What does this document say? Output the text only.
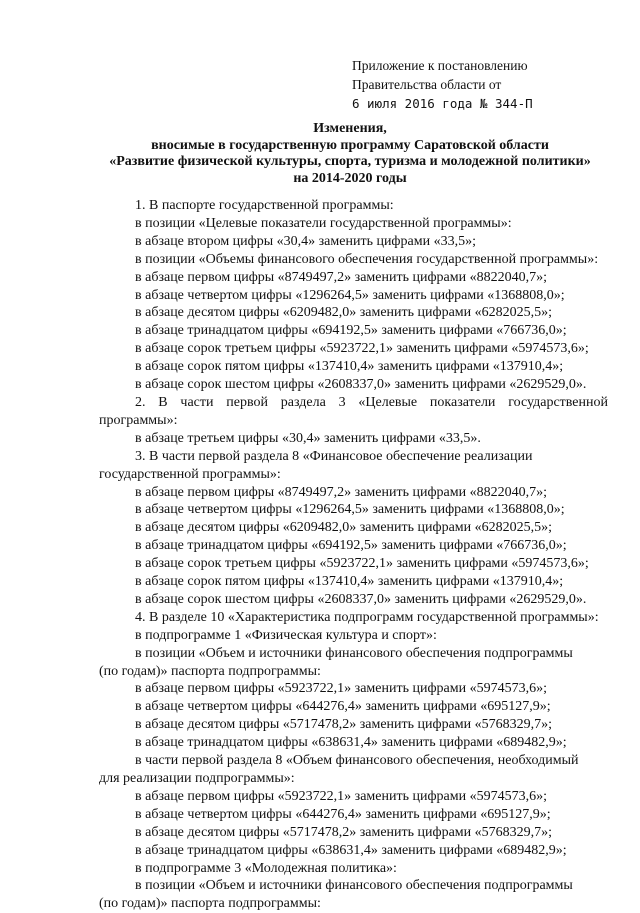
Приложение к постановлению
Правительства области от
6 июля 2016 года № 344-П
Изменения,
вносимые в государственную программу Саратовской области
«Развитие физической культуры, спорта, туризма и молодежной политики»
на 2014-2020 годы
1. В паспорте государственной программы:
в позиции «Целевые показатели государственной программы»:
в абзаце втором цифры «30,4» заменить цифрами «33,5»;
в позиции «Объемы финансового обеспечения государственной программы»:
в абзаце первом цифры «8749497,2» заменить цифрами «8822040,7»;
в абзаце четвертом цифры «1296264,5» заменить цифрами «1368808,0»;
в абзаце десятом цифры «6209482,0» заменить цифрами «6282025,5»;
в абзаце тринадцатом цифры «694192,5» заменить цифрами «766736,0»;
в абзаце сорок третьем цифры «5923722,1» заменить цифрами «5974573,6»;
в абзаце сорок пятом цифры «137410,4» заменить цифрами «137910,4»;
в абзаце сорок шестом цифры «2608337,0» заменить цифрами «2629529,0».
2. В части первой раздела 3 «Целевые показатели государственной программы»:
в абзаце третьем цифры «30,4» заменить цифрами «33,5».
3. В части первой раздела 8 «Финансовое обеспечение реализации
государственной программы»:
в абзаце первом цифры «8749497,2» заменить цифрами «8822040,7»;
в абзаце четвертом цифры «1296264,5» заменить цифрами «1368808,0»;
в абзаце десятом цифры «6209482,0» заменить цифрами «6282025,5»;
в абзаце тринадцатом цифры «694192,5» заменить цифрами «766736,0»;
в абзаце сорок третьем цифры «5923722,1» заменить цифрами «5974573,6»;
в абзаце сорок пятом цифры «137410,4» заменить цифрами «137910,4»;
в абзаце сорок шестом цифры «2608337,0» заменить цифрами «2629529,0».
4. В разделе 10 «Характеристика подпрограмм государственной программы»:
в подпрограмме 1 «Физическая культура и спорт»:
в позиции «Объем и источники финансового обеспечения подпрограммы
(по годам)» паспорта подпрограммы:
в абзаце первом цифры «5923722,1» заменить цифрами «5974573,6»;
в абзаце четвертом цифры «644276,4» заменить цифрами «695127,9»;
в абзаце десятом цифры «5717478,2» заменить цифрами «5768329,7»;
в абзаце тринадцатом цифры «638631,4» заменить цифрами «689482,9»;
в части первой раздела 8 «Объем финансового обеспечения, необходимый
для реализации подпрограммы»:
в абзаце первом цифры «5923722,1» заменить цифрами «5974573,6»;
в абзаце четвертом цифры «644276,4» заменить цифрами «695127,9»;
в абзаце десятом цифры «5717478,2» заменить цифрами «5768329,7»;
в абзаце тринадцатом цифры «638631,4» заменить цифрами «689482,9»;
в подпрограмме 3 «Молодежная политика»:
в позиции «Объем и источники финансового обеспечения подпрограммы
(по годам)» паспорта подпрограммы:
